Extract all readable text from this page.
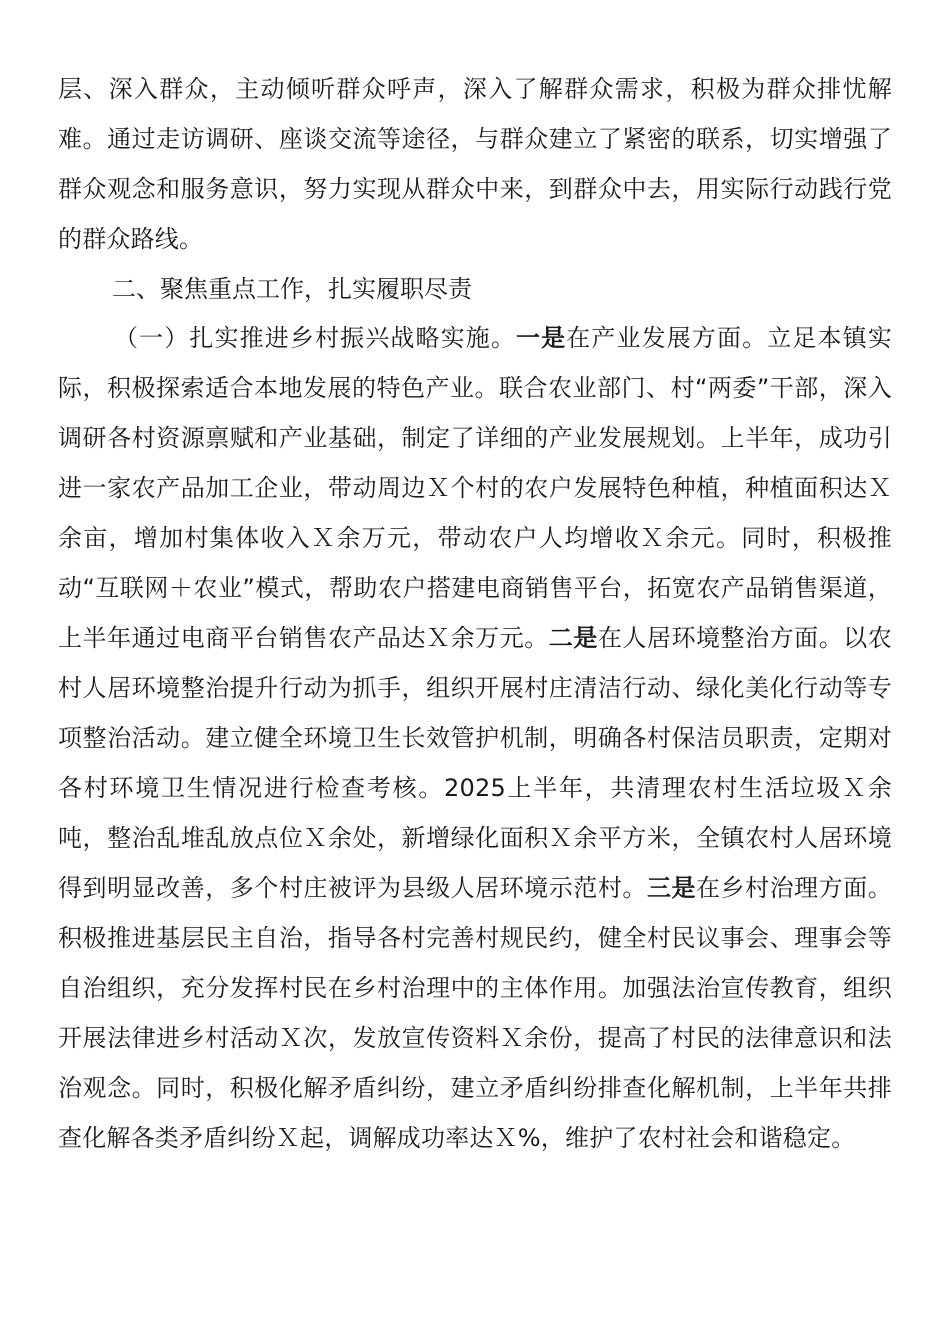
层、深入群众，主动倾听群众呼声，深入了解群众需求，积极为群众排忧解难。通过走访调研、座谈交流等途径，与群众建立了紧密的联系，切实增强了群众观念和服务意识，努力实现从群众中来，到群众中去，用实际行动践行党的群众路线。
二、聚焦重点工作，扎实履职尽责
（一）扎实推进乡村振兴战略实施。一是在产业发展方面。立足本镇实际，积极探索适合本地发展的特色产业。联合农业部门、村“两委”干部，深入调研各村资源禀赋和产业基础，制定了详细的产业发展规划。上半年，成功引进一家农产品加工企业，带动周边Ｘ个村的农户发展特色种植，种植面积达Ｘ余亩，增加村集体收入Ｘ余万元，带动农户人均增收Ｘ余元。同时，积极推动“互联网＋农业”模式，帮助农户搭建电商销售平台，拓宽农产品销售渠道，上半年通过电商平台销售农产品达Ｘ余万元。二是在人居环境整治方面。以农村人居环境整治提升行动为抓手，组织开展村庄清洁行动、绿化美化行动等专项整治活动。建立健全环境卫生长效管护机制，明确各村保洁员职责，定期对各村环境卫生情况进行检查考核。2025上半年，共清理农村生活垃圾Ｘ余吨，整治乱堆乱放点位Ｘ余处，新增绿化面积Ｘ余平方米，全镇农村人居环境得到明显改善，多个村庄被评为县级人居环境示范村。三是在乡村治理方面。积极推进基层民主自治，指导各村完善村规民约，健全村民议事会、理事会等自治组织，充分发挥村民在乡村治理中的主体作用。加强法治宣传教育，组织开展法律进乡村活动Ｘ次，发放宣传资料Ｘ余份，提高了村民的法律意识和法治观念。同时，积极化解矛盾纠纷，建立矛盾纠纷排查化解机制，上半年共排查化解各类矛盾纠纷Ｘ起，调解成功率达Ｘ%，维护了农村社会和谐稳定。
